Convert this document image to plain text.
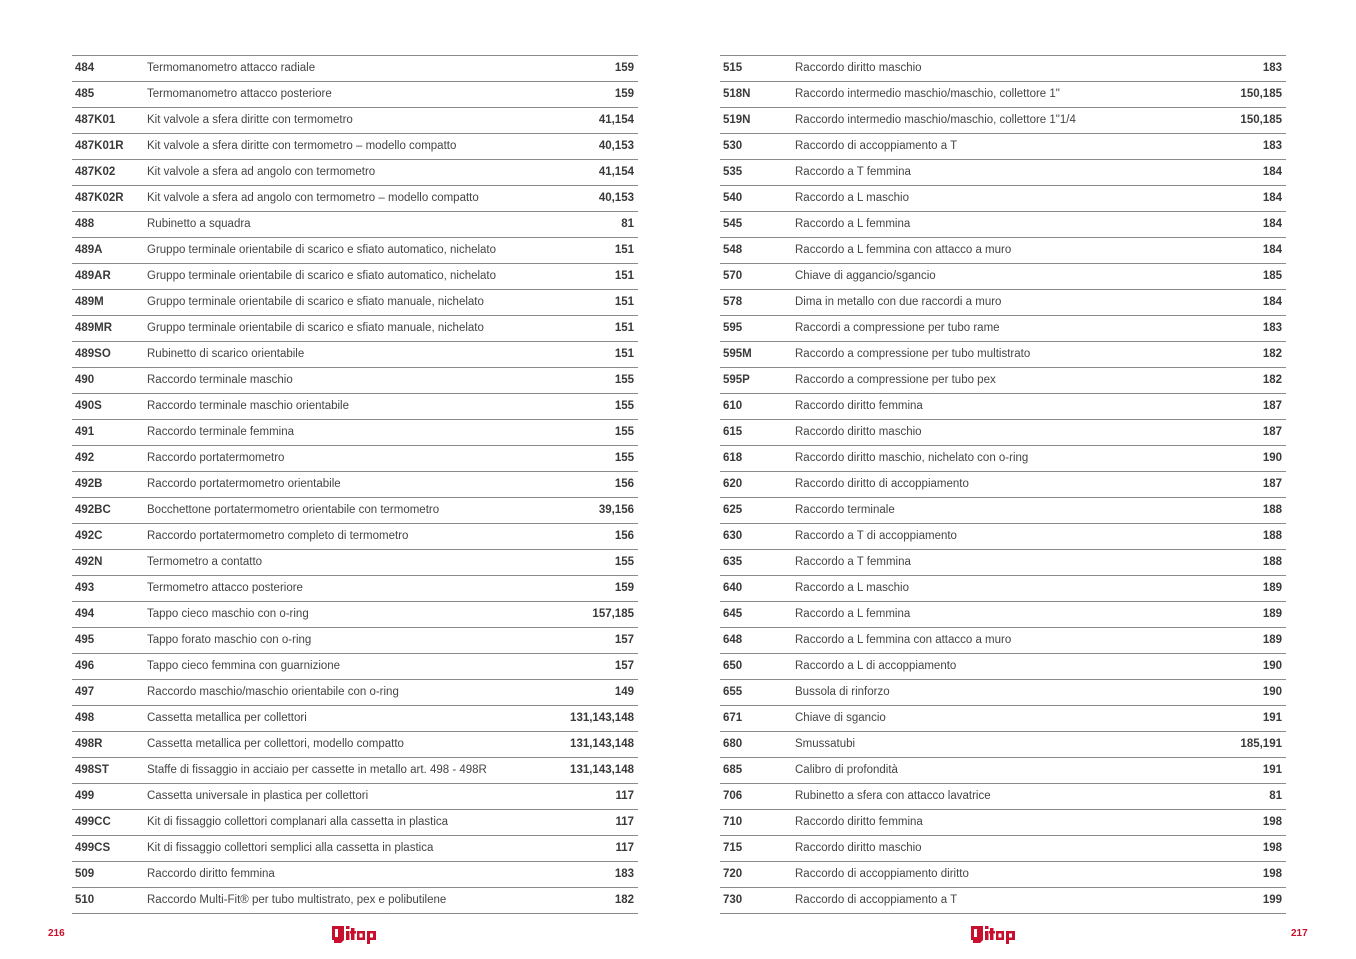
484	Termomanometro attacco radiale	159
485	Termomanometro attacco posteriore	159
487K01	Kit valvole a sfera diritte con termometro	41,154
487K01R Kit valvole a sfera diritte con termometro – modello compatto	40,153
487K02	Kit valvole a sfera ad angolo con termometro	41,154
487K02R Kit valvole a sfera ad angolo con termometro – modello compatto	40,153
488	Rubinetto a squadra	81
489A	Gruppo terminale orientabile di scarico e sfiato automatico, nichelato	151
489AR	Gruppo terminale orientabile di scarico e sfiato automatico, nichelato	151
489M	Gruppo terminale orientabile di scarico e sfiato manuale, nichelato	151
489MR	Gruppo terminale orientabile di scarico e sfiato manuale, nichelato	151
489SO	Rubinetto di scarico orientabile	151
490	Raccordo terminale maschio	155
490S	Raccordo terminale maschio orientabile	155
491	Raccordo terminale femmina	155
492	Raccordo portatermometro	155
492B	Raccordo portatermometro orientabile	156
492BC	Bocchettone portatermometro orientabile con termometro	39,156
492C	Raccordo portatermometro completo di termometro	156
492N	Termometro a contatto	155
493	Termometro attacco posteriore	159
494	Tappo cieco maschio con o-ring	157,185
495	Tappo forato maschio con o-ring	157
496	Tappo cieco femmina con guarnizione	157
497	Raccordo maschio/maschio orientabile con o-ring	149
498	Cassetta metallica per collettori	131,143,148
498R	Cassetta metallica per collettori, modello compatto	131,143,148
498ST	Staffe di fissaggio in acciaio per cassette in metallo art. 498 - 498R	131,143,148
499	Cassetta universale in plastica per collettori	117
499CC	Kit di fissaggio collettori complanari alla cassetta in plastica	117
499CS	Kit di fissaggio collettori semplici alla cassetta in plastica	117
509	Raccordo diritto femmina	183
510	Raccordo Multi-Fit® per tubo multistrato, pex e polibutilene	182
216
515	Raccordo diritto maschio	183
518N	Raccordo intermedio maschio/maschio, collettore 1"	150,185
519N	Raccordo intermedio maschio/maschio, collettore 1"1/4	150,185
530	Raccordo di accoppiamento a T	183
535	Raccordo a T femmina	184
540	Raccordo a L maschio	184
545	Raccordo a L femmina	184
548	Raccordo a L femmina con attacco a muro	184
570	Chiave di aggancio/sgancio	185
578	Dima in metallo con due raccordi a muro	184
595	Raccordi a compressione per tubo rame	183
595M	Raccordo a compressione per tubo multistrato	182
595P	Raccordo a compressione per tubo pex	182
610	Raccordo diritto femmina	187
615	Raccordo diritto maschio	187
618	Raccordo diritto maschio, nichelato con o-ring	190
620	Raccordo diritto di accoppiamento	187
625	Raccordo terminale	188
630	Raccordo a T di accoppiamento	188
635	Raccordo a T femmina	188
640	Raccordo a L maschio	189
645	Raccordo a L femmina	189
648	Raccordo a L femmina con attacco a muro	189
650	Raccordo a L di accoppiamento	190
655	Bussola di rinforzo	190
671	Chiave di sgancio	191
680	Smussatubi	185,191
685	Calibro di profondità	191
706	Rubinetto a sfera con attacco lavatrice	81
710	Raccordo diritto femmina	198
715	Raccordo diritto maschio	198
720	Raccordo di accoppiamento diritto	198
730	Raccordo di accoppiamento a T	199
217
